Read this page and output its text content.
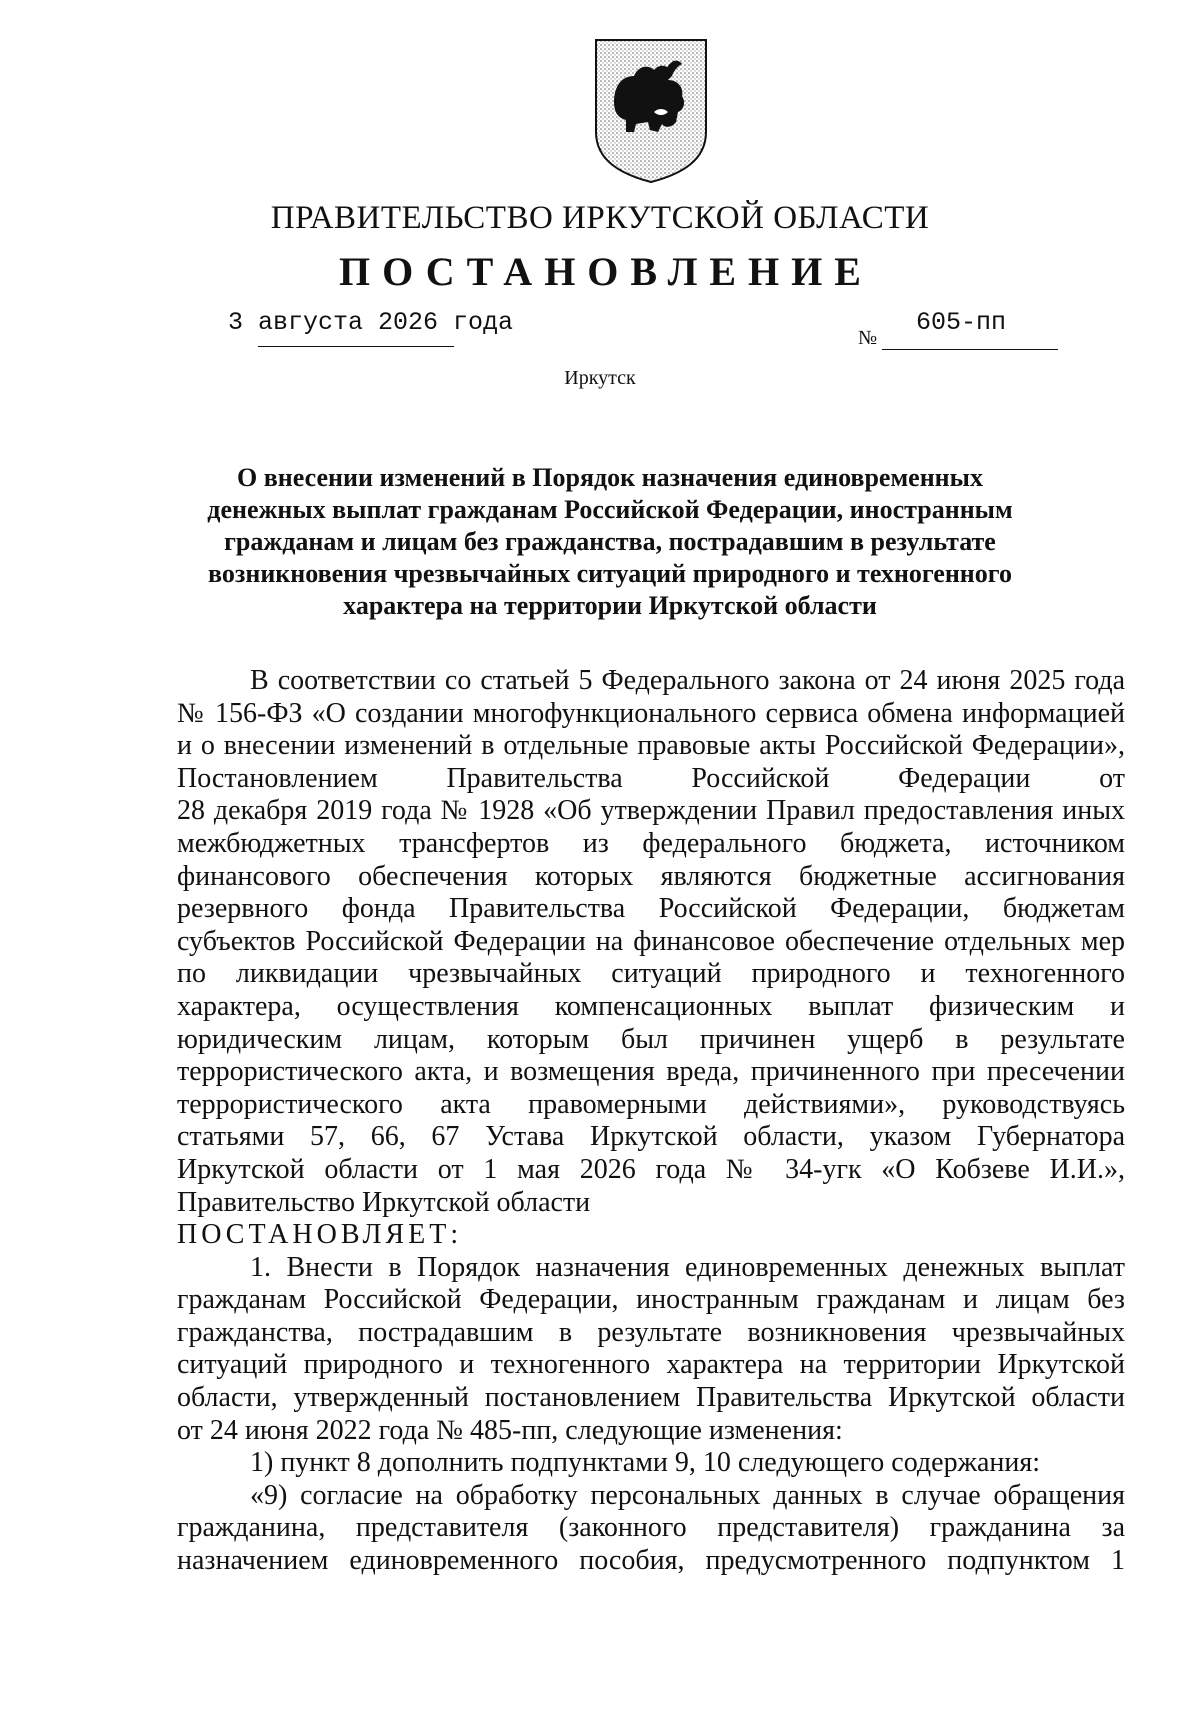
ПРАВИТЕЛЬСТВО ИРКУТСКОЙ ОБЛАСТИ
ПОСТАНОВЛЕНИЕ
3 августа 2026 года
№
605-пп
Иркутск
О внесении изменений в Порядок назначения единовременных
денежных выплат гражданам Российской Федерации, иностранным
гражданам и лицам без гражданства, пострадавшим в результате
возникновения чрезвычайных ситуаций природного и техногенного
характера на территории Иркутской области
В соответствии со статьей 5 Федерального закона от 24 июня 2025 года
№ 156-ФЗ «О создании многофункционального сервиса обмена информацией
и о внесении изменений в отдельные правовые акты Российской Федерации»,
Постановлением Правительства Российской Федерации от
28 декабря 2019 года № 1928 «Об утверждении Правил предоставления иных
межбюджетных трансфертов из федерального бюджета, источником
финансового обеспечения которых являются бюджетные ассигнования
резервного фонда Правительства Российской Федерации, бюджетам
субъектов Российской Федерации на финансовое обеспечение отдельных мер
по ликвидации чрезвычайных ситуаций природного и техногенного
характера, осуществления компенсационных выплат физическим и
юридическим лицам, которым был причинен ущерб в результате
террористического акта, и возмещения вреда, причиненного при пресечении
террористического акта правомерными действиями», руководствуясь
статьями 57, 66, 67 Устава Иркутской области, указом Губернатора
Иркутской области от 1 мая 2026 года № 34-угк «О Кобзеве И.И.»,
Правительство Иркутской области
ПОСТАНОВЛЯЕТ:
1. Внести в Порядок назначения единовременных денежных выплат
гражданам Российской Федерации, иностранным гражданам и лицам без
гражданства, пострадавшим в результате возникновения чрезвычайных
ситуаций природного и техногенного характера на территории Иркутской
области, утвержденный постановлением Правительства Иркутской области
от 24 июня 2022 года № 485-пп, следующие изменения:
1) пункт 8 дополнить подпунктами 9, 10 следующего содержания:
«9) согласие на обработку персональных данных в случае обращения
гражданина, представителя (законного представителя) гражданина за
назначением единовременного пособия, предусмотренного подпунктом 1
